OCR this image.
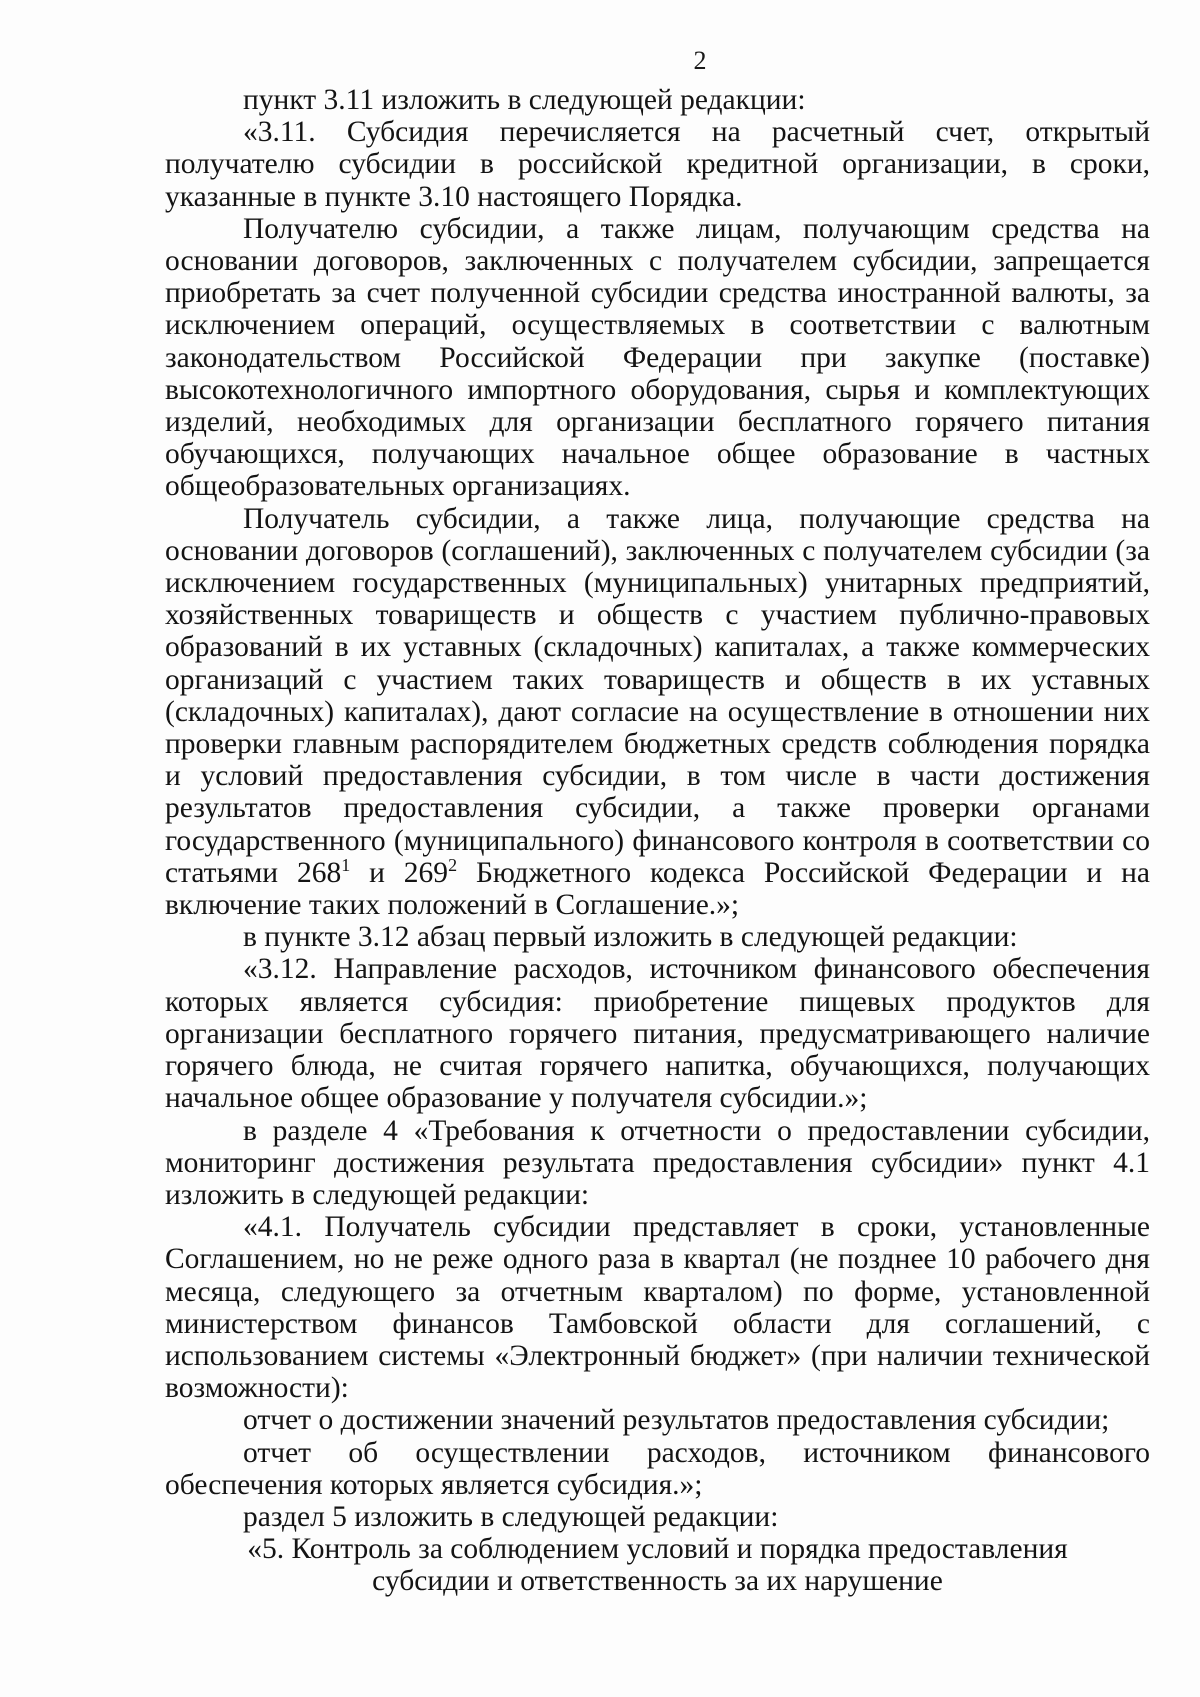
2

пункт 3.11 изложить в следующей редакции:

«3.11. Субсидия перечисляется на расчетный счет, открытый получателю субсидии в российской кредитной организации, в сроки, указанные в пункте 3.10 настоящего Порядка.

Получателю субсидии, а также лицам, получающим средства на основании договоров, заключенных с получателем субсидии, запрещается приобретать за счет полученной субсидии средства иностранной валюты, за исключением операций, осуществляемых в соответствии с валютным законодательством Российской Федерации при закупке (поставке) высокотехнологичного импортного оборудования, сырья и комплектующих изделий, необходимых для организации бесплатного горячего питания обучающихся, получающих начальное общее образование в частных общеобразовательных организациях.

Получатель субсидии, а также лица, получающие средства на основании договоров (соглашений), заключенных с получателем субсидии (за исключением государственных (муниципальных) унитарных предприятий, хозяйственных товариществ и обществ с участием публично-правовых образований в их уставных (складочных) капиталах, а также коммерческих организаций с участием таких товариществ и обществ в их уставных (складочных) капиталах), дают согласие на осуществление в отношении них проверки главным распорядителем бюджетных средств соблюдения порядка и условий предоставления субсидии, в том числе в части достижения результатов предоставления субсидии, а также проверки органами государственного (муниципального) финансового контроля в соответствии со статьями 268$^1$ и 269$^2$ Бюджетного кодекса Российской Федерации и на включение таких положений в Соглашение.»;

в пункте 3.12 абзац первый изложить в следующей редакции:

«3.12. Направление расходов, источником финансового обеспечения которых является субсидия: приобретение пищевых продуктов для организации бесплатного горячего питания, предусматривающего наличие горячего блюда, не считая горячего напитка, обучающихся, получающих начальное общее образование у получателя субсидии.»;

в разделе 4 «Требования к отчетности о предоставлении субсидии, мониторинг достижения результата предоставления субсидии» пункт 4.1 изложить в следующей редакции:

«4.1. Получатель субсидии представляет в сроки, установленные Соглашением, но не реже одного раза в квартал (не позднее 10 рабочего дня месяца, следующего за отчетным кварталом) по форме, установленной министерством финансов Тамбовской области для соглашений, с использованием системы «Электронный бюджет» (при наличии технической возможности):

отчет о достижении значений результатов предоставления субсидии;

отчет об осуществлении расходов, источником финансового обеспечения которых является субсидия.»;

раздел 5 изложить в следующей редакции:

«5. Контроль за соблюдением условий и порядка предоставления
субсидии и ответственность за их нарушение
